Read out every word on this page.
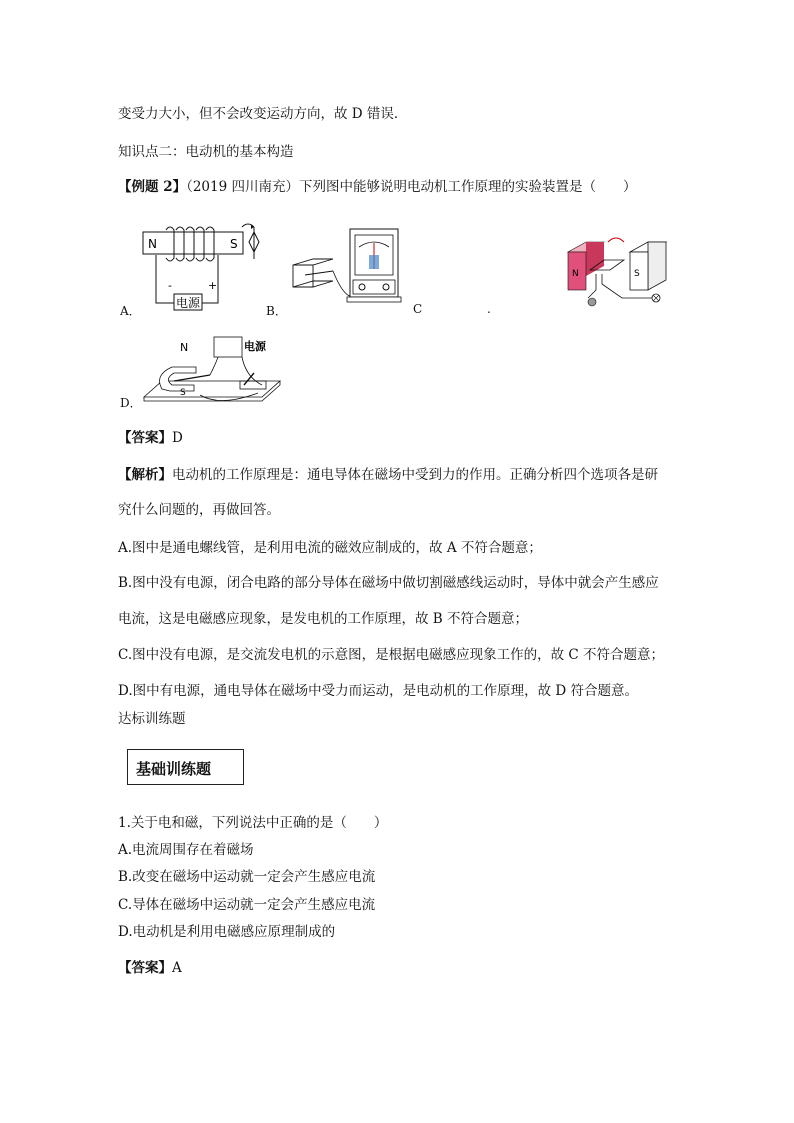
变受力大小，但不会改变运动方向，故 D 错误．
知识点二：电动机的基本构造
【例题 2】（2019 四川南充）下列图中能够说明电动机工作原理的实验装置是（　　）
N	S
-	+
电源
A．	B．	C	.
N	S
N
S
电源
D．
【答案】D
【解析】电动机的工作原理是：通电导体在磁场中受到力的作用。正确分析四个选项各是研
究什么问题的，再做回答。
A.图中是通电螺线管，是利用电流的磁效应制成的，故 A 不符合题意；
B.图中没有电源，闭合电路的部分导体在磁场中做切割磁感线运动时，导体中就会产生感应
电流，这是电磁感应现象，是发电机的工作原理，故 B 不符合题意；
C.图中没有电源，是交流发电机的示意图，是根据电磁感应现象工作的，故 C 不符合题意；
D.图中有电源，通电导体在磁场中受力而运动，是电动机的工作原理，故 D 符合题意。
达标训练题
基础训练题
1.关于电和磁，下列说法中正确的是（　　）
A.电流周围存在着磁场
B.改变在磁场中运动就一定会产生感应电流
C.导体在磁场中运动就一定会产生感应电流
D.电动机是利用电磁感应原理制成的
【答案】A
